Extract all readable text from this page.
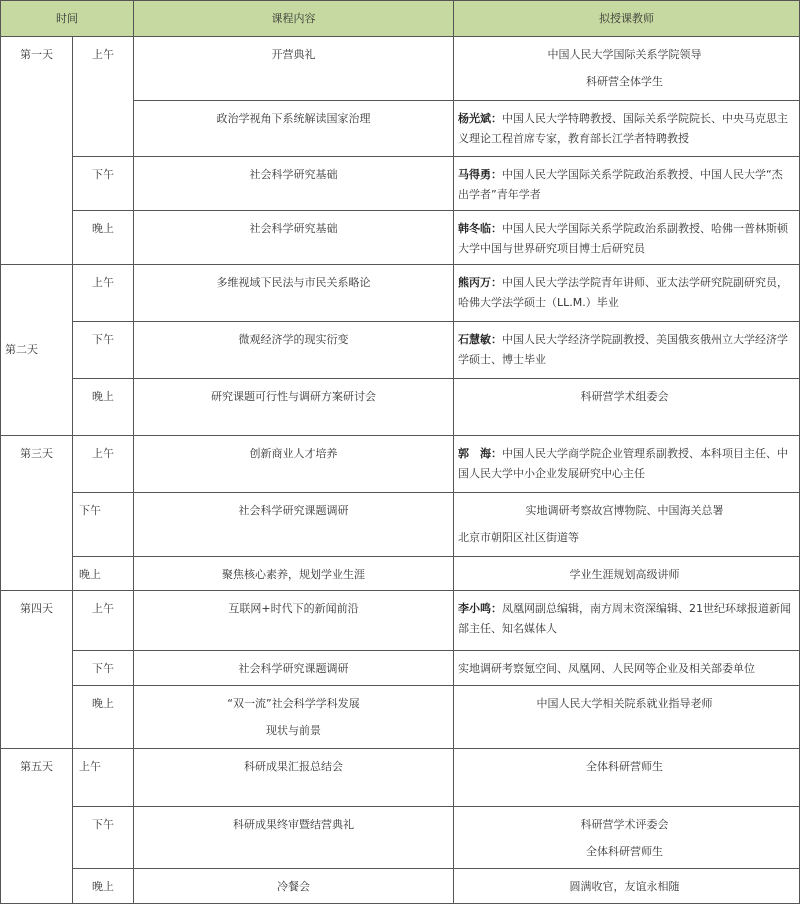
时间		课程内容	拟授课教师
第一天	上午	开营典礼	中国人民大学国际关系学院领导
科研营全体学生

		政治学视角下系统解读国家治理	杨光斌：中国人民大学特聘教授、国际关系学院院长、中央马克思主义理论工程首席专家，教育部长江学者特聘教授
	下午	社会科学研究基础	马得勇：中国人民大学国际关系学院政治系教授、中国人民大学“杰出学者”青年学者
	晚上	社会科学研究基础	韩冬临：中国人民大学国际关系学院政治系副教授、哈佛一普林斯顿大学中国与世界研究项目博士后研究员
第二天	上午	多维视域下民法与市民关系略论	熊丙万：中国人民大学法学院青年讲师、亚太法学研究院副研究员，哈佛大学法学硕士（LL.M.）毕业
	下午	微观经济学的现实衍变	石慧敏：中国人民大学经济学院副教授、美国俄亥俄州立大学经济学学硕士、博士毕业
	晚上	研究课题可行性与调研方案研讨会	科研营学术组委会

第三天	上午	创新商业人才培养	郭　海：中国人民大学商学院企业管理系副教授、本科项目主任、中国人民大学中小企业发展研究中心主任
	下午	社会科学研究课题调研	实地调研考察故宫博物院、中国海关总署
北京市朝阳区社区街道等

	晚上	聚焦核心素养，规划学业生涯	学业生涯规划高级讲师

第四天	上午	互联网+时代下的新闻前沿	李小鸣：凤凰网副总编辑，南方周末资深编辑、21世纪环球报道新闻部主任、知名媒体人
	下午	社会科学研究课题调研	实地调研考察氪空间、凤凰网、人民网等企业及相关部委单位

	晚上	“双一流”社会科学学科发展
现状与前景	中国人民大学相关院系就业指导老师

第五天	上午	科研成果汇报总结会	全体科研营师生

	下午	科研成果终审暨结营典礼	科研营学术评委会
全体科研营师生

	晚上	冷餐会	圆满收官，友谊永相随
